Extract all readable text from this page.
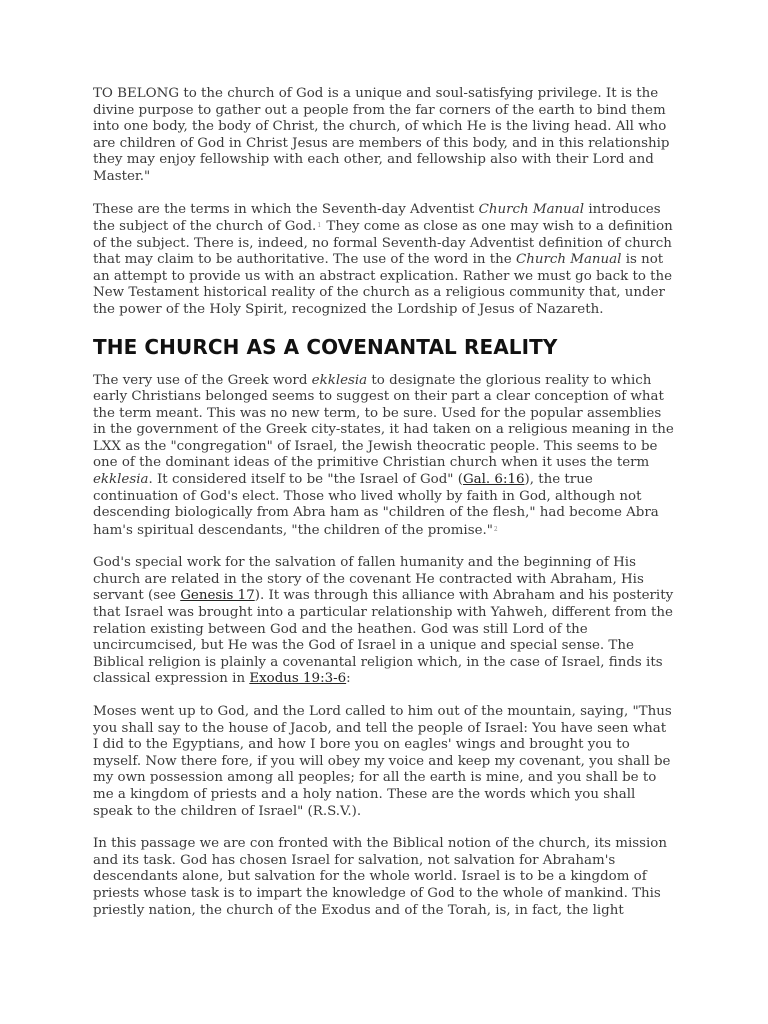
TO BELONG to the church of God is a unique and soul-satisfying privilege. It is the divine purpose to gather out a people from the far corners of the earth to bind them into one body, the body of Christ, the church, of which He is the living head. All who are children of God in Christ Jesus are members of this body, and in this relationship they may enjoy fellowship with each other, and fellowship also with their Lord and Master."

These are the terms in which the Seventh-day Adventist Church Manual introduces the subject of the church of God.1 They come as close as one may wish to a definition of the subject. There is, indeed, no formal Seventh-day Adventist definition of church that may claim to be authoritative. The use of the word in the Church Manual is not an attempt to provide us with an abstract explication. Rather we must go back to the New Testament historical reality of the church as a religious community that, under the power of the Holy Spirit, recognized the Lordship of Jesus of Nazareth.

THE CHURCH AS A COVENANTAL REALITY

The very use of the Greek word ekklesia to designate the glorious reality to which early Christians belonged seems to suggest on their part a clear conception of what the term meant. This was no new term, to be sure. Used for the popular assemblies in the government of the Greek city-states, it had taken on a religious meaning in the LXX as the "congregation" of Israel, the Jewish theocratic people. This seems to be one of the dominant ideas of the primitive Christian church when it uses the term ekklesia. It considered itself to be "the Israel of God" (Gal. 6:16), the true continuation of God's elect. Those who lived wholly by faith in God, although not descending biologically from Abra ham as "children of the flesh," had become Abra ham's spiritual descendants, "the children of the promise."2

God's special work for the salvation of fallen humanity and the beginning of His church are related in the story of the covenant He contracted with Abraham, His servant (see Genesis 17). It was through this alliance with Abraham and his posterity that Israel was brought into a particular relationship with Yahweh, different from the relation existing between God and the heathen. God was still Lord of the uncircumcised, but He was the God of Israel in a unique and special sense. The Biblical religion is plainly a covenantal religion which, in the case of Israel, finds its classical expression in Exodus 19:3-6:

Moses went up to God, and the Lord called to him out of the mountain, saying, "Thus you shall say to the house of Jacob, and tell the people of Israel: You have seen what I did to the Egyptians, and how I bore you on eagles' wings and brought you to myself. Now there fore, if you will obey my voice and keep my covenant, you shall be my own possession among all peoples; for all the earth is mine, and you shall be to me a kingdom of priests and a holy nation. These are the words which you shall speak to the children of Israel" (R.S.V.).

In this passage we are con fronted with the Biblical notion of the church, its mission and its task. God has chosen Israel for salvation, not salvation for Abraham's descendants alone, but salvation for the whole world. Israel is to be a kingdom of priests whose task is to impart the knowledge of God to the whole of mankind. This priestly nation, the church of the Exodus and of the Torah, is, in fact, the light
